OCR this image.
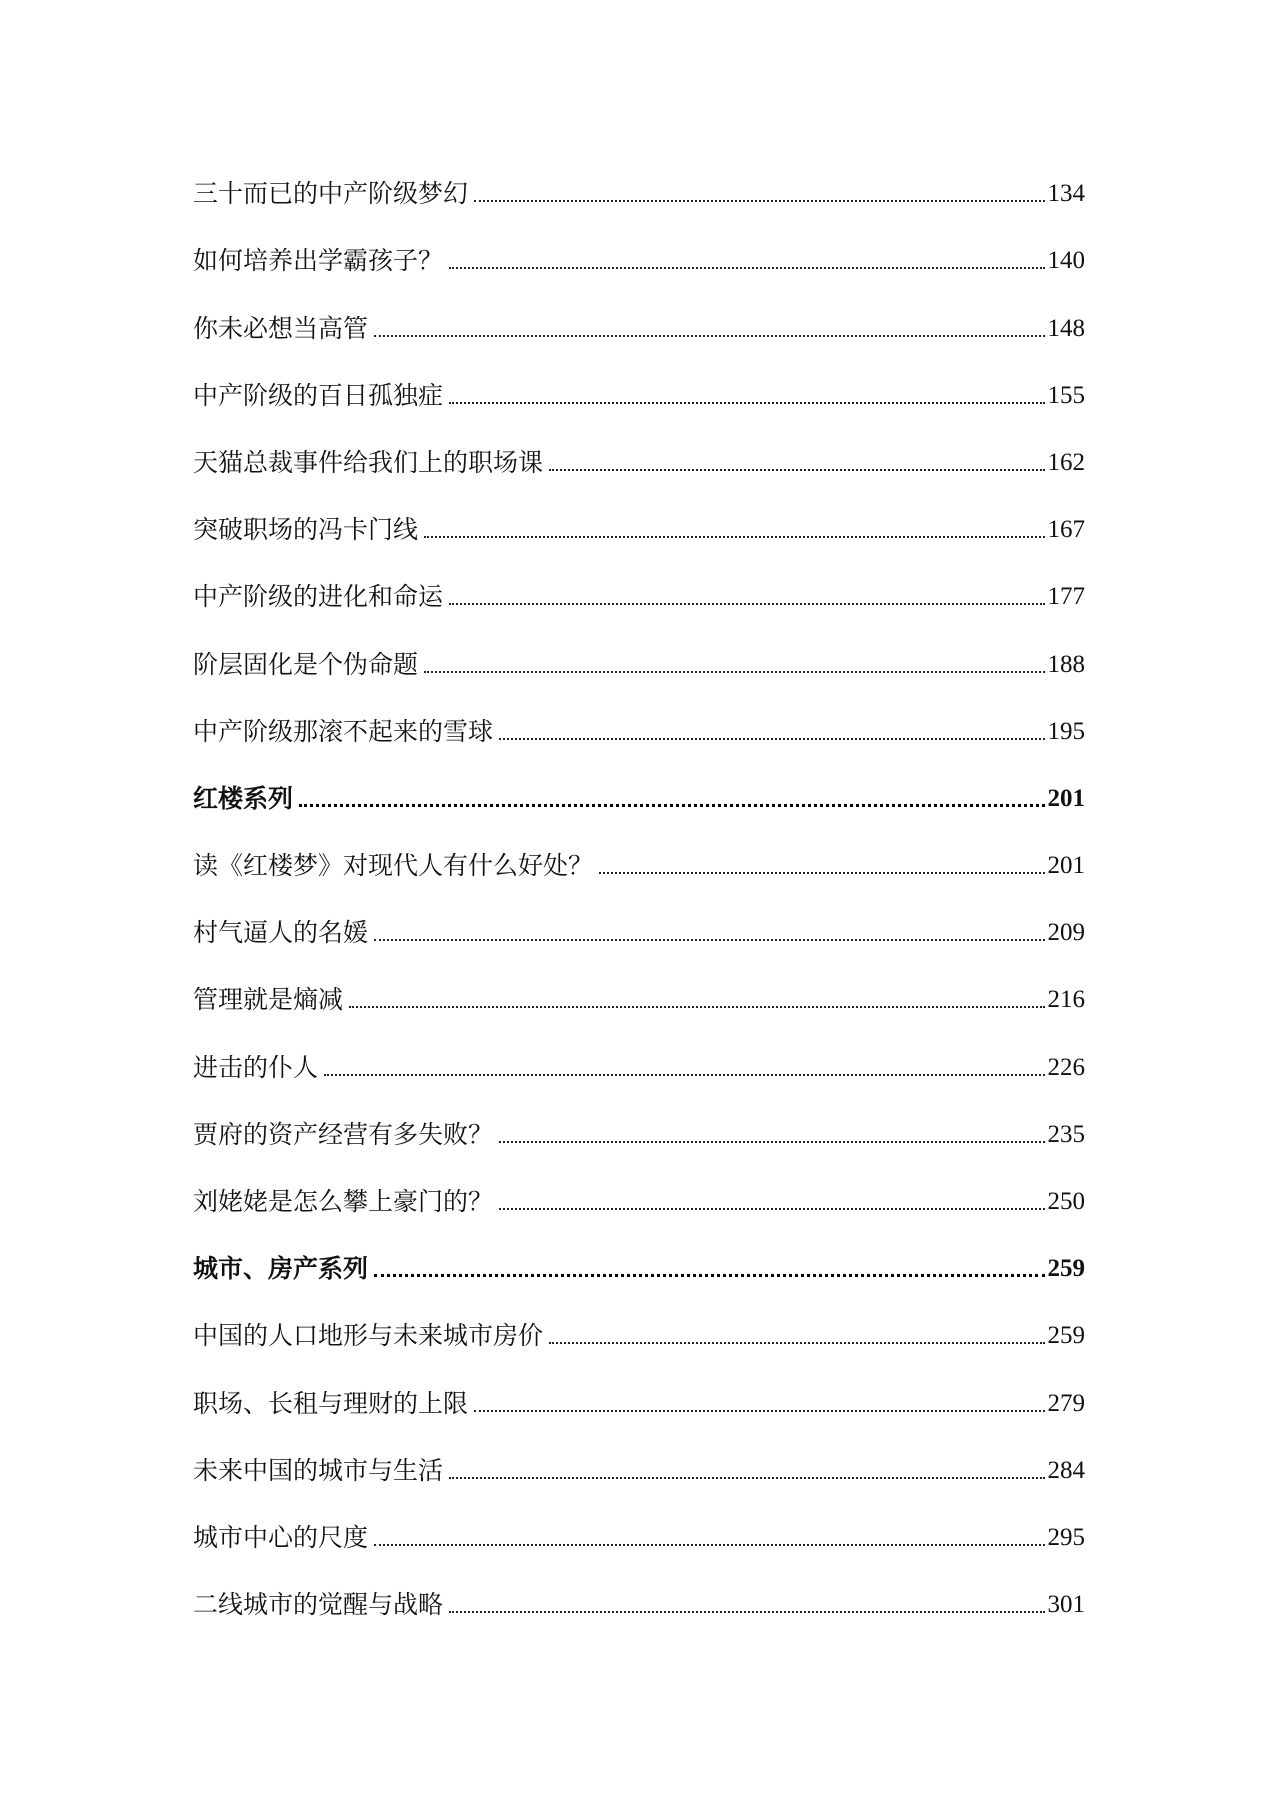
三十而已的中产阶级梦幻	134
如何培养出学霸孩子？	140
你未必想当高管	148
中产阶级的百日孤独症	155
天猫总裁事件给我们上的职场课	162
突破职场的冯卡门线	167
中产阶级的进化和命运	177
阶层固化是个伪命题	188
中产阶级那滚不起来的雪球	195
红楼系列	201
读《红楼梦》对现代人有什么好处？	201
村气逼人的名媛	209
管理就是熵减	216
进击的仆人	226
贾府的资产经营有多失败？	235
刘姥姥是怎么攀上豪门的？	250
城市、房产系列	259
中国的人口地形与未来城市房价	259
职场、长租与理财的上限	279
未来中国的城市与生活	284
城市中心的尺度	295
二线城市的觉醒与战略	301
